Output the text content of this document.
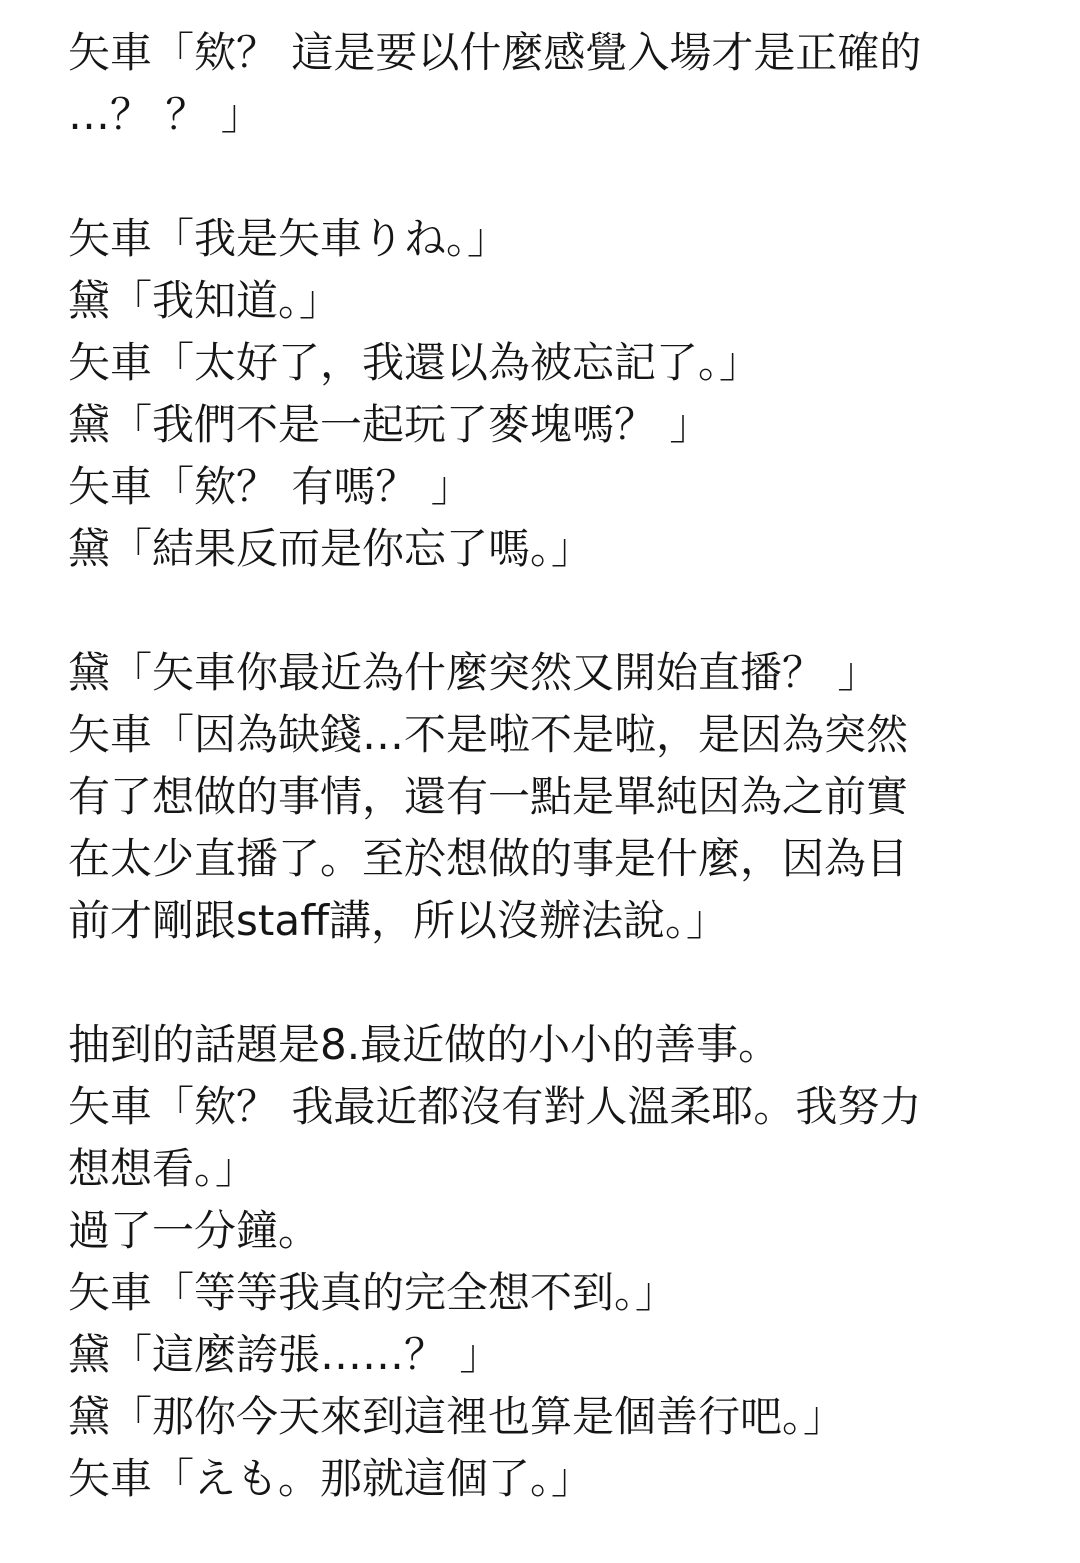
矢車「欸？ 這是要以什麼感覺入場才是正確的
…？ ？ 」
矢車「我是矢車りね。」
黛「我知道。」
矢車「太好了，我還以為被忘記了。」
黛「我們不是一起玩了麥塊嗎？ 」
矢車「欸？ 有嗎？ 」
黛「結果反而是你忘了嗎。」
黛「矢車你最近為什麼突然又開始直播？ 」
矢車「因為缺錢…不是啦不是啦，是因為突然
有了想做的事情，還有一點是單純因為之前實
在太少直播了。至於想做的事是什麼，因為目
前才剛跟staff講，所以沒辦法說。」
抽到的話題是8.最近做的小小的善事。
矢車「欸？ 我最近都沒有對人溫柔耶。我努力
想想看。」
過了一分鐘。
矢車「等等我真的完全想不到。」
黛「這麼誇張……？ 」
黛「那你今天來到這裡也算是個善行吧。」
矢車「えも。那就這個了。」
